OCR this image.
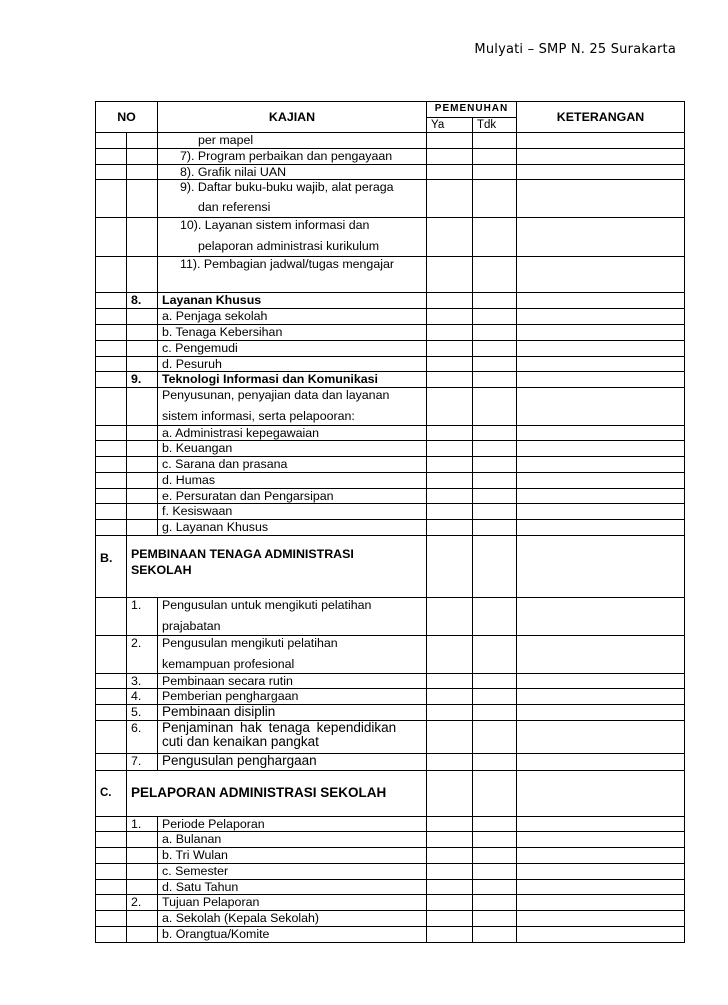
Mulyati – SMP N. 25 Surakarta
NO		KAJIAN	PEMENUHAN		KETERANGAN
			Ya	Tdk	
		per mapel			
		7). Program perbaikan dan pengayaan			
		8). Grafik nilai UAN			

		9). Daftar buku-buku wajib, alat peraga
dan referensi			

		10). Layanan sistem informasi dan
pelaporan administrasi kurikulum			

		11). Pembagian jadwal/tugas mengajar			
	8.	Layanan Khusus			
		a. Penjaga sekolah			
		b. Tenaga Kebersihan			
		c. Pengemudi			
		d. Pesuruh			
	9.	Teknologi Informasi dan Komunikasi			

		Penyusunan, penyajian data dan layanan
sistem informasi, serta pelapooran:			

		a. Administrasi kepegawaian			
		b. Keuangan			
		c. Sarana dan prasana			
		d. Humas			
		e. Persuratan dan Pengarsipan			
		f. Kesiswaan			
		g. Layanan Khusus			
B.	PEMBINAAN TENAGA ADMINISTRASI
SEKOLAH				

	1.	Pengusulan untuk mengikuti pelatihan
prajabatan			

	2.	Pengusulan mengikuti pelatihan
kemampuan profesional			

	3.	Pembinaan secara rutin			
	4.	Pemberian penghargaan			
	5.	Pembinaan disiplin			
	6.	Penjaminan hak tenaga kependidikan
cuti dan kenaikan pangkat			

	7.	Pengusulan penghargaan			
C.	PELAPORAN ADMINISTRASI SEKOLAH				
	1.	Periode Pelaporan			
		a. Bulanan			
		b. Tri Wulan			
		c. Semester			
		d. Satu Tahun			
	2.	Tujuan Pelaporan			
		a. Sekolah (Kepala Sekolah)			
		b. Orangtua/Komite			
